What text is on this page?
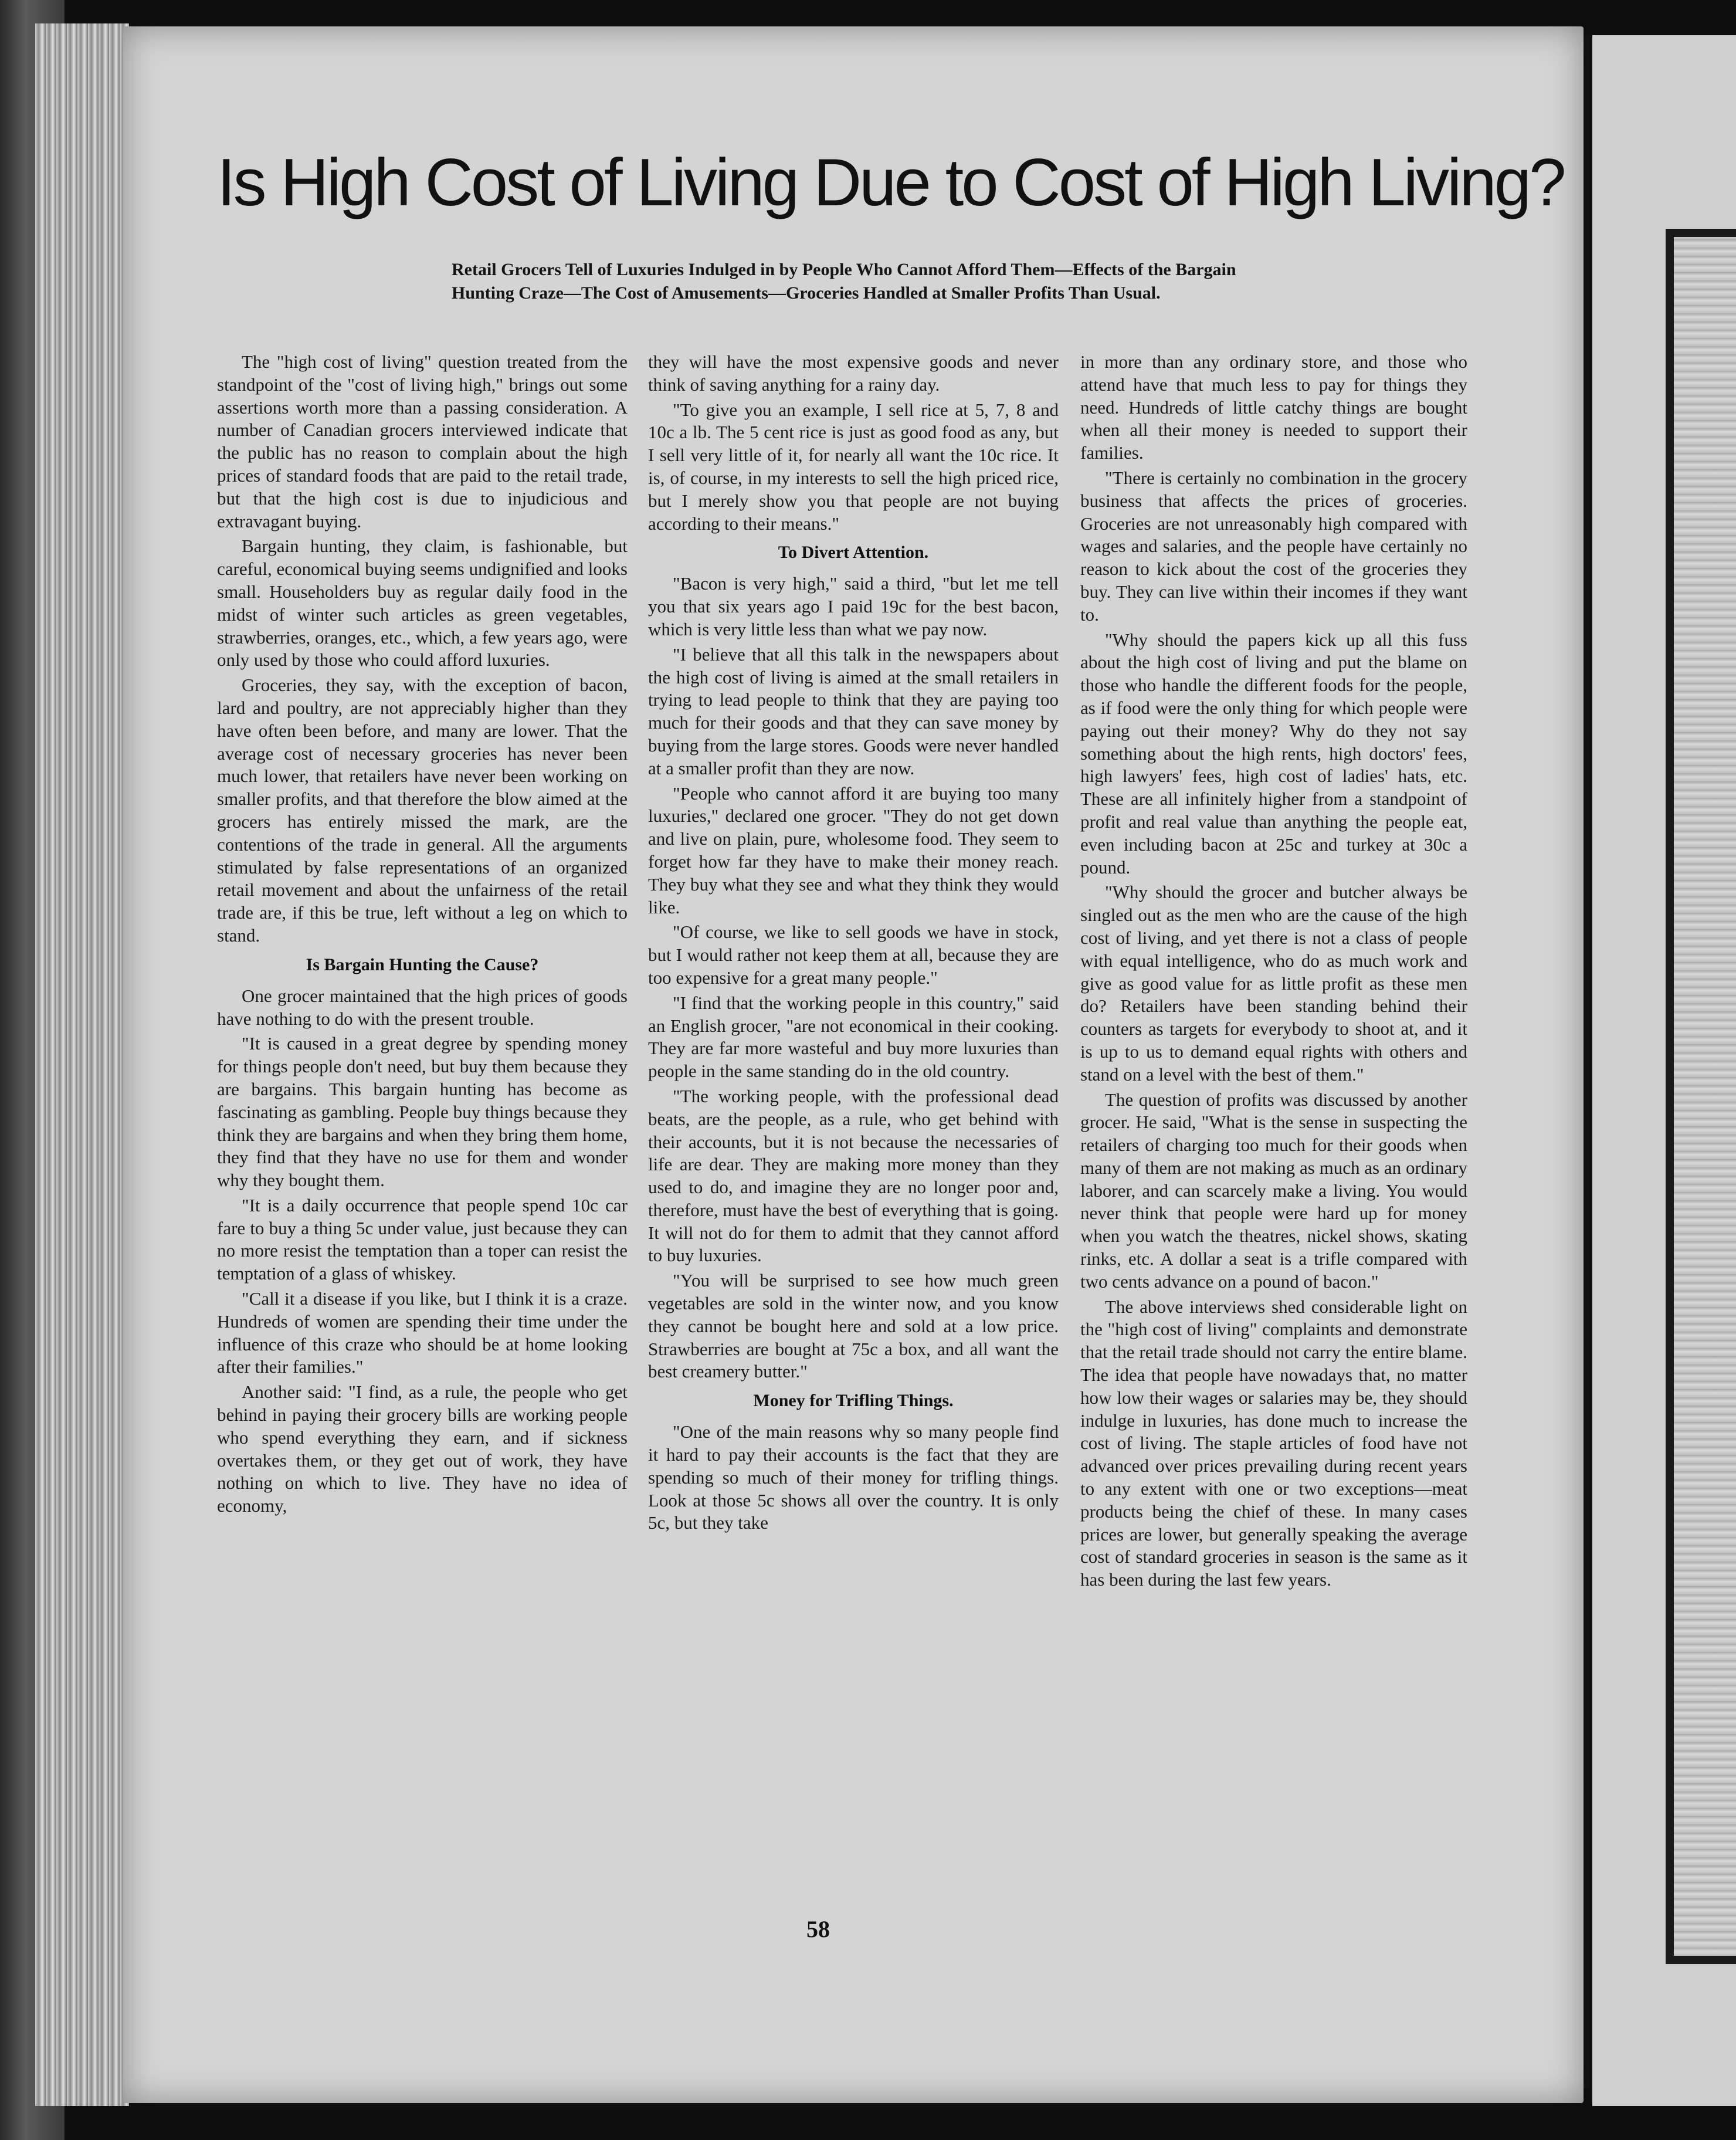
Is High Cost of Living Due to Cost of High Living?
Retail Grocers Tell of Luxuries Indulged in by People Who Cannot Afford Them—Effects of the Bargain Hunting Craze—The Cost of Amusements—Groceries Handled at Smaller Profits Than Usual.

The "high cost of living" question treated from the standpoint of the "cost of living high," brings out some assertions worth more than a passing consideration. A number of Canadian grocers interviewed indicate that the public has no reason to complain about the high prices of standard foods that are paid to the retail trade, but that the high cost is due to injudicious and extravagant buying.

Bargain hunting, they claim, is fashionable, but careful, economical buying seems undignified and looks small. Householders buy as regular daily food in the midst of winter such articles as green vegetables, strawberries, oranges, etc., which, a few years ago, were only used by those who could afford luxuries.

Groceries, they say, with the exception of bacon, lard and poultry, are not appreciably higher than they have often been before, and many are lower. That the average cost of necessary groceries has never been much lower, that retailers have never been working on smaller profits, and that therefore the blow aimed at the grocers has entirely missed the mark, are the contentions of the trade in general. All the arguments stimulated by false representations of an organized retail movement and about the unfairness of the retail trade are, if this be true, left without a leg on which to stand.

Is Bargain Hunting the Cause?

One grocer maintained that the high prices of goods have nothing to do with the present trouble.

"It is caused in a great degree by spending money for things people don't need, but buy them because they are bargains. This bargain hunting has become as fascinating as gambling. People buy things because they think they are bargains and when they bring them home, they find that they have no use for them and wonder why they bought them.

"It is a daily occurrence that people spend 10c car fare to buy a thing 5c under value, just because they can no more resist the temptation than a toper can resist the temptation of a glass of whiskey.

"Call it a disease if you like, but I think it is a craze. Hundreds of women are spending their time under the influence of this craze who should be at home looking after their families."

Another said: "I find, as a rule, the people who get behind in paying their grocery bills are working people who spend everything they earn, and if sickness overtakes them, or they get out of work, they have nothing on which to live. They have no idea of economy,

they will have the most expensive goods and never think of saving anything for a rainy day.

"To give you an example, I sell rice at 5, 7, 8 and 10c a lb. The 5 cent rice is just as good food as any, but I sell very little of it, for nearly all want the 10c rice. It is, of course, in my interests to sell the high priced rice, but I merely show you that people are not buying according to their means."

To Divert Attention.

"Bacon is very high," said a third, "but let me tell you that six years ago I paid 19c for the best bacon, which is very little less than what we pay now.

"I believe that all this talk in the newspapers about the high cost of living is aimed at the small retailers in trying to lead people to think that they are paying too much for their goods and that they can save money by buying from the large stores. Goods were never handled at a smaller profit than they are now.

"People who cannot afford it are buying too many luxuries," declared one grocer. "They do not get down and live on plain, pure, wholesome food. They seem to forget how far they have to make their money reach. They buy what they see and what they think they would like.

"Of course, we like to sell goods we have in stock, but I would rather not keep them at all, because they are too expensive for a great many people."

"I find that the working people in this country," said an English grocer, "are not economical in their cooking. They are far more wasteful and buy more luxuries than people in the same standing do in the old country.

"The working people, with the professional dead beats, are the people, as a rule, who get behind with their accounts, but it is not because the necessaries of life are dear. They are making more money than they used to do, and imagine they are no longer poor and, therefore, must have the best of everything that is going. It will not do for them to admit that they cannot afford to buy luxuries.

"You will be surprised to see how much green vegetables are sold in the winter now, and you know they cannot be bought here and sold at a low price. Strawberries are bought at 75c a box, and all want the best creamery butter."

Money for Trifling Things.

"One of the main reasons why so many people find it hard to pay their accounts is the fact that they are spending so much of their money for trifling things. Look at those 5c shows all over the country. It is only 5c, but they take

in more than any ordinary store, and those who attend have that much less to pay for things they need. Hundreds of little catchy things are bought when all their money is needed to support their families.

"There is certainly no combination in the grocery business that affects the prices of groceries. Groceries are not unreasonably high compared with wages and salaries, and the people have certainly no reason to kick about the cost of the groceries they buy. They can live within their incomes if they want to.

"Why should the papers kick up all this fuss about the high cost of living and put the blame on those who handle the different foods for the people, as if food were the only thing for which people were paying out their money? Why do they not say something about the high rents, high doctors' fees, high lawyers' fees, high cost of ladies' hats, etc. These are all infinitely higher from a standpoint of profit and real value than anything the people eat, even including bacon at 25c and turkey at 30c a pound.

"Why should the grocer and butcher always be singled out as the men who are the cause of the high cost of living, and yet there is not a class of people with equal intelligence, who do as much work and give as good value for as little profit as these men do? Retailers have been standing behind their counters as targets for everybody to shoot at, and it is up to us to demand equal rights with others and stand on a level with the best of them."

The question of profits was discussed by another grocer. He said, "What is the sense in suspecting the retailers of charging too much for their goods when many of them are not making as much as an ordinary laborer, and can scarcely make a living. You would never think that people were hard up for money when you watch the theatres, nickel shows, skating rinks, etc. A dollar a seat is a trifle compared with two cents advance on a pound of bacon."

The above interviews shed considerable light on the "high cost of living" complaints and demonstrate that the retail trade should not carry the entire blame. The idea that people have nowadays that, no matter how low their wages or salaries may be, they should indulge in luxuries, has done much to increase the cost of living. The staple articles of food have not advanced over prices prevailing during recent years to any extent with one or two exceptions—meat products being the chief of these. In many cases prices are lower, but generally speaking the average cost of standard groceries in season is the same as it has been during the last few years.

58
